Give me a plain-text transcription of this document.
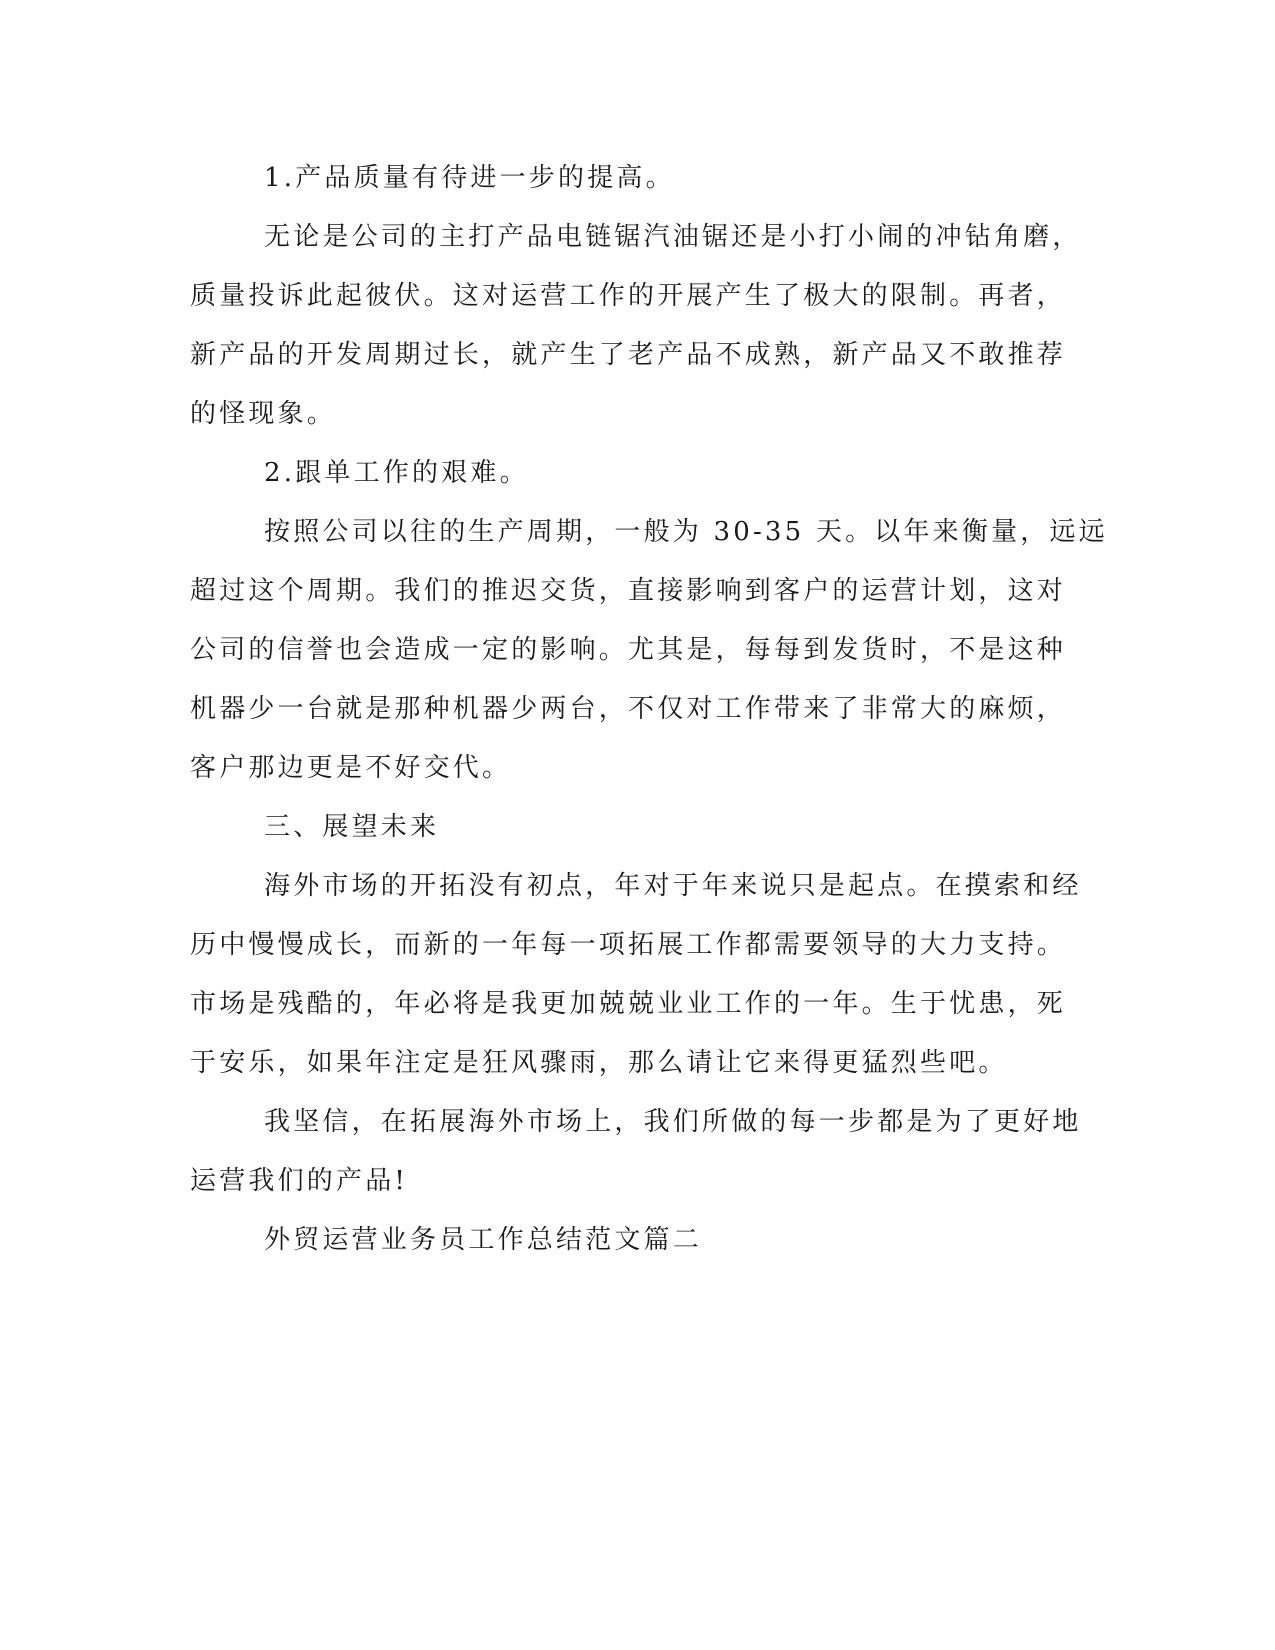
1.产品质量有待进一步的提高。
无论是公司的主打产品电链锯汽油锯还是小打小闹的冲钻角磨，
质量投诉此起彼伏。这对运营工作的开展产生了极大的限制。再者，
新产品的开发周期过长，就产生了老产品不成熟，新产品又不敢推荐
的怪现象。
2.跟单工作的艰难。
按照公司以往的生产周期，一般为 30-35 天。以年来衡量，远远
超过这个周期。我们的推迟交货，直接影响到客户的运营计划，这对
公司的信誉也会造成一定的影响。尤其是，每每到发货时，不是这种
机器少一台就是那种机器少两台，不仅对工作带来了非常大的麻烦，
客户那边更是不好交代。
三、展望未来
海外市场的开拓没有初点，年对于年来说只是起点。在摸索和经
历中慢慢成长，而新的一年每一项拓展工作都需要领导的大力支持。
市场是残酷的，年必将是我更加兢兢业业工作的一年。生于忧患，死
于安乐，如果年注定是狂风骤雨，那么请让它来得更猛烈些吧。
我坚信，在拓展海外市场上，我们所做的每一步都是为了更好地
运营我们的产品!
外贸运营业务员工作总结范文篇二
